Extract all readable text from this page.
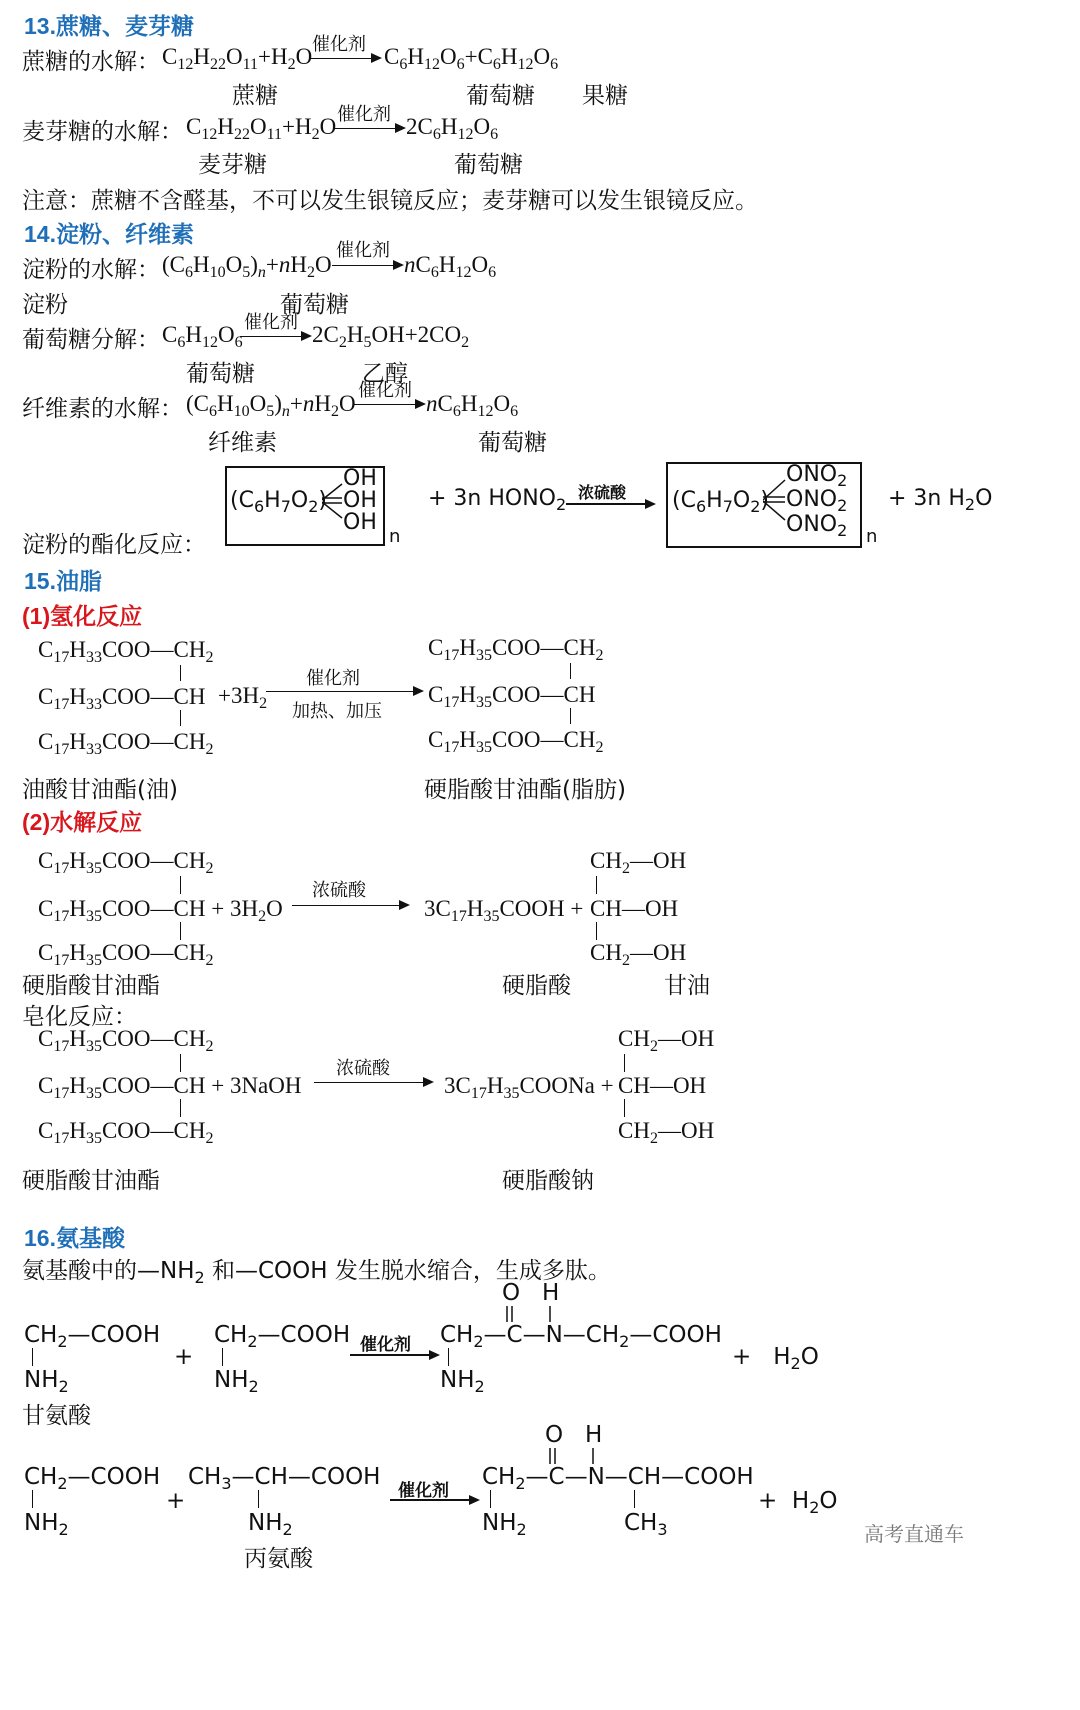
13.蔗糖、麦芽糖
蔗糖的水解： $C_{12}H_{22}O_{11}+H_2O$ 催化剂 $C_6H_{12}O_6+C_6H_{12}O_6$
蔗糖	葡萄糖 果糖
麦芽糖的水解： $C_{12}H_{22}O_{11}+H_2O$ 催化剂 $2C_6H_{12}O_6$
麦芽糖	葡萄糖
注意：蔗糖不含醛基，不可以发生银镜反应；麦芽糖可以发生银镜反应。
14.淀粉、纤维素
淀粉的水解： $(C_6H_{10}O_5)_n+nH_2O$
催化剂
$nC_6H_{12}O_6$
淀粉	葡萄糖
葡萄糖分解： $C_6H_{12}O_6$
催化剂 $2C_2H_5OH+2CO_2$
葡萄糖	乙醇
纤维素的水解： $(C_6H_{10}O_5)_n+nH_2O$
催化剂
$nC_6H_{12}O_6$
纤维素	葡萄糖
淀粉的酯化反应：
$(C_6H_7O_2)$
OH
OH
OH
n
+ 3n $HONO_2$
浓硫酸 $(C_6H_7O_2)$
$ONO_2$
$ONO_2$
$ONO_2$ n
+ 3n $H_2O$
15.油脂
(1)氢化反应
$C_{17}H_{33}COO—CH_2$
$C_{17}H_{33}COO—CH$
$C_{17}H_{33}COO—CH_2$
$+3H_2$
催化剂
加热、加压
$C_{17}H_{35}COO—CH_2$
$C_{17}H_{35}COO—CH$
$C_{17}H_{35}COO—CH_2$
油酸甘油酯(油)	硬脂酸甘油酯(脂肪)
(2)水解反应
$C_{17}H_{35}COO—CH_2$
$C_{17}H_{35}COO—CH + 3H_2O$
$C_{17}H_{35}COO—CH_2$
浓硫酸
$3C_{17}H_{35}COOH$ +
$CH_2—OH$
CH—OH
$CH_2—OH$
硬脂酸甘油酯	硬脂酸	甘油
皂化反应：
$C_{17}H_{35}COO—CH_2$
$C_{17}H_{35}COO—CH$ + 3NaOH
$C_{17}H_{35}COO—CH_2$
浓硫酸
$3C_{17}H_{35}COONa$ +
$CH_2—OH$
CH—OH
$CH_2—OH$
硬脂酸甘油酯	硬脂酸钠
16.氨基酸
氨基酸中的$—NH_2$ 和—COOH 发生脱水缩合，生成多肽。
$CH_2—COOH$
$NH_2$
+
$CH_2—COOH$
$NH_2$
催化剂
O H
$CH_2—C—N—CH_2—COOH$
$NH_2$
+   $H_2O$
甘氨酸
$CH_2—COOH$
$NH_2$
+
$CH_3—CH—COOH$
$NH_2$
催化剂
O H
$CH_2—C—N—CH—COOH$
$NH_2$	$CH_3$
+  $H_2O$
丙氨酸
高考直通车
